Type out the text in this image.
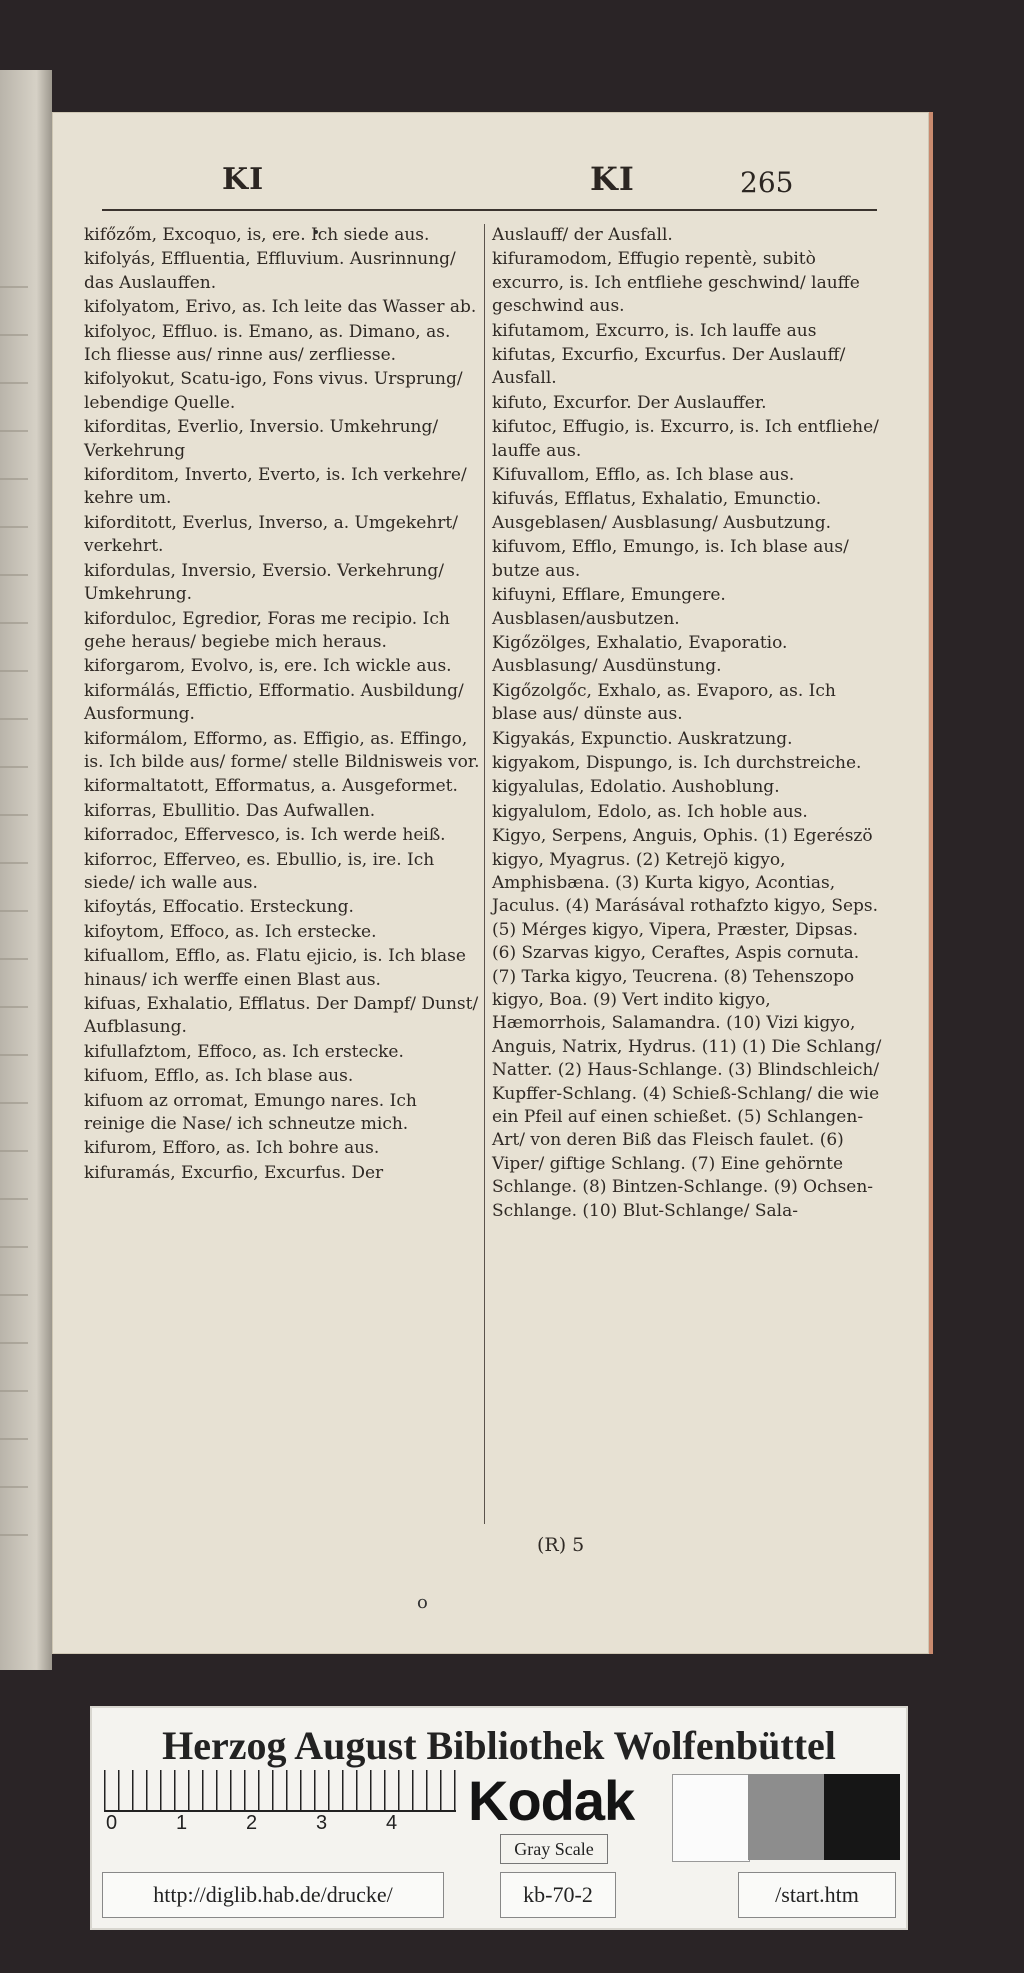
KI	KI	265
kifőzőm, Excoquo, is, ere. Ich siede aus.
kifolyás, Effluentia, Effluvium. Ausrinnung/ das Auslauffen.
kifolyatom, Erivo, as. Ich leite das Wasser ab.
kifolyoc, Effluo. is. Emano, as. Dimano, as. Ich fliesse aus/ rinne aus/ zerfliesse.
kifolyokut, Scatu-igo, Fons vivus. Ursprung/ lebendige Quelle.
kiforditas, Everlio, Inversio. Umkehrung/ Verkehrung
kiforditom, Inverto, Everto, is. Ich verkehre/ kehre um.
kiforditott, Everlus, Inverso, a. Umgekehrt/ verkehrt.
kifordulas, Inversio, Eversio. Verkehrung/ Umkehrung.
kiforduloc, Egredior, Foras me recipio. Ich gehe heraus/ begiebe mich heraus.
kiforgarom, Evolvo, is, ere. Ich wickle aus.
kiformálás, Effictio, Efformatio. Ausbildung/ Ausformung.
kiformálom, Efformo, as. Effigio, as. Effingo, is. Ich bilde aus/ forme/ stelle Bildnisweis vor.
kiformaltatott, Efformatus, a. Ausgeformet.
kiforras, Ebullitio. Das Aufwallen.
kiforradoc, Effervesco, is. Ich werde heiß.
kiforroc, Efferveo, es. Ebullio, is, ire. Ich siede/ ich walle aus.
kifoytás, Effocatio. Ersteckung.
kifoytom, Effoco, as. Ich erstecke.
kifuallom, Efflo, as. Flatu ejicio, is. Ich blase hinaus/ ich werffe einen Blast aus.
kifuas, Exhalatio, Efflatus. Der Dampf/ Dunst/ Aufblasung.
kifullafztom, Effoco, as. Ich erstecke.
kifuom, Efflo, as. Ich blase aus.
kifuom az orromat, Emungo nares. Ich reinige die Nase/ ich schneutze mich.
kifurom, Efforo, as. Ich bohre aus.
kifuramás, Excurfio, Excurfus. Der
Auslauff/ der Ausfall.
kifuramodom, Effugio repentè, subitò excurro, is. Ich entfliehe geschwind/ lauffe geschwind aus.
kifutamom, Excurro, is. Ich lauffe aus
kifutas, Excurfio, Excurfus. Der Auslauff/ Ausfall.
kifuto, Excurfor. Der Auslauffer.
kifutoc, Effugio, is. Excurro, is. Ich entfliehe/ lauffe aus.
Kifuvallom, Efflo, as. Ich blase aus.
kifuvás, Efflatus, Exhalatio, Emunctio. Ausgeblasen/ Ausblasung/ Ausbutzung.
kifuvom, Efflo, Emungo, is. Ich blase aus/ butze aus.
kifuyni, Efflare, Emungere. Ausblasen/ausbutzen.
Kigőzölges, Exhalatio, Evaporatio. Ausblasung/ Ausdünstung.
Kigőzolgőc, Exhalo, as. Evaporo, as. Ich blase aus/ dünste aus.
Kigyakás, Expunctio. Auskratzung.
kigyakom, Dispungo, is. Ich durchstreiche.
kigyalulas, Edolatio. Aushoblung.
kigyalulom, Edolo, as. Ich hoble aus.
Kigyo, Serpens, Anguis, Ophis. (1) Egerészö kigyo, Myagrus. (2) Ketrejö kigyo, Amphisbæna. (3) Kurta kigyo, Acontias, Jaculus. (4) Marásával rothafzto kigyo, Seps. (5) Mérges kigyo, Vipera, Præster, Dipsas. (6) Szarvas kigyo, Ceraftes, Aspis cornuta. (7) Tarka kigyo, Teucrena. (8) Tehenszopo kigyo, Boa. (9) Vert indito kigyo, Hæmorrhois, Salamandra. (10) Vizi kigyo, Anguis, Natrix, Hydrus. (11) (1) Die Schlang/ Natter. (2) Haus-Schlange. (3) Blindschleich/ Kupffer-Schlang. (4) Schieß-Schlang/ die wie ein Pfeil auf einen schießet. (5) Schlangen-Art/ von deren Biß das Fleisch faulet. (6) Viper/ giftige Schlang. (7) Eine gehörnte Schlange. (8) Bintzen-Schlange. (9) Ochsen-Schlange. (10) Blut-Schlange/ Sala-
(R) 5
o
Herzog August Bibliothek Wolfenbüttel
0	1	2	3	4 Kodak
Gray Scale
http://diglib.hab.de/drucke/	kb-70-2	/start.htm
